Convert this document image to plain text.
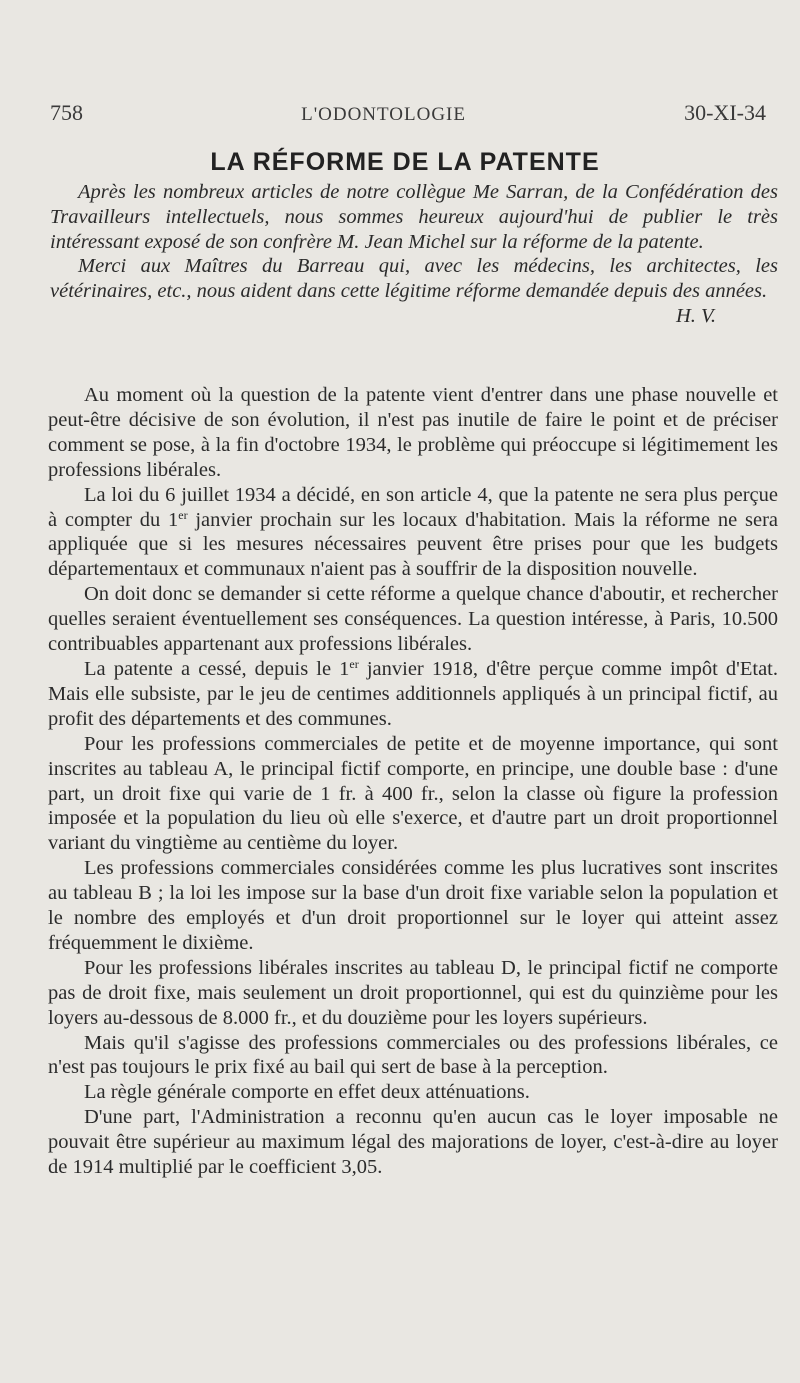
758	L'ODONTOLOGIE	30-XI-34
LA RÉFORME DE LA PATENTE

Après les nombreux articles de notre collègue Me Sarran, de la Confédération des Travailleurs intellectuels, nous sommes heureux aujourd'hui de publier le très intéressant exposé de son confrère M. Jean Michel sur la réforme de la patente.

Merci aux Maîtres du Barreau qui, avec les médecins, les architectes, les vétérinaires, etc., nous aident dans cette légitime réforme demandée depuis des années.

H. V.

Au moment où la question de la patente vient d'entrer dans une phase nouvelle et peut-être décisive de son évolution, il n'est pas inutile de faire le point et de préciser comment se pose, à la fin d'octobre 1934, le problème qui préoccupe si légitimement les professions libérales.

La loi du 6 juillet 1934 a décidé, en son article 4, que la patente ne sera plus perçue à compter du 1er janvier prochain sur les locaux d'habitation. Mais la réforme ne sera appliquée que si les mesures nécessaires peuvent être prises pour que les budgets départementaux et communaux n'aient pas à souffrir de la disposition nouvelle.

On doit donc se demander si cette réforme a quelque chance d'aboutir, et rechercher quelles seraient éventuellement ses conséquences. La question intéresse, à Paris, 10.500 contribuables appartenant aux professions libérales.

La patente a cessé, depuis le 1er janvier 1918, d'être perçue comme impôt d'Etat. Mais elle subsiste, par le jeu de centimes additionnels appliqués à un principal fictif, au profit des départements et des communes.

Pour les professions commerciales de petite et de moyenne importance, qui sont inscrites au tableau A, le principal fictif comporte, en principe, une double base : d'une part, un droit fixe qui varie de 1 fr. à 400 fr., selon la classe où figure la profession imposée et la population du lieu où elle s'exerce, et d'autre part un droit proportionnel variant du vingtième au centième du loyer.

Les professions commerciales considérées comme les plus lucratives sont inscrites au tableau B ; la loi les impose sur la base d'un droit fixe variable selon la population et le nombre des employés et d'un droit proportionnel sur le loyer qui atteint assez fréquemment le dixième.

Pour les professions libérales inscrites au tableau D, le principal fictif ne comporte pas de droit fixe, mais seulement un droit proportionnel, qui est du quinzième pour les loyers au-dessous de 8.000 fr., et du douzième pour les loyers supérieurs.

Mais qu'il s'agisse des professions commerciales ou des professions libérales, ce n'est pas toujours le prix fixé au bail qui sert de base à la perception.

La règle générale comporte en effet deux atténuations.

D'une part, l'Administration a reconnu qu'en aucun cas le loyer imposable ne pouvait être supérieur au maximum légal des majorations de loyer, c'est-à-dire au loyer de 1914 multiplié par le coefficient 3,05.
